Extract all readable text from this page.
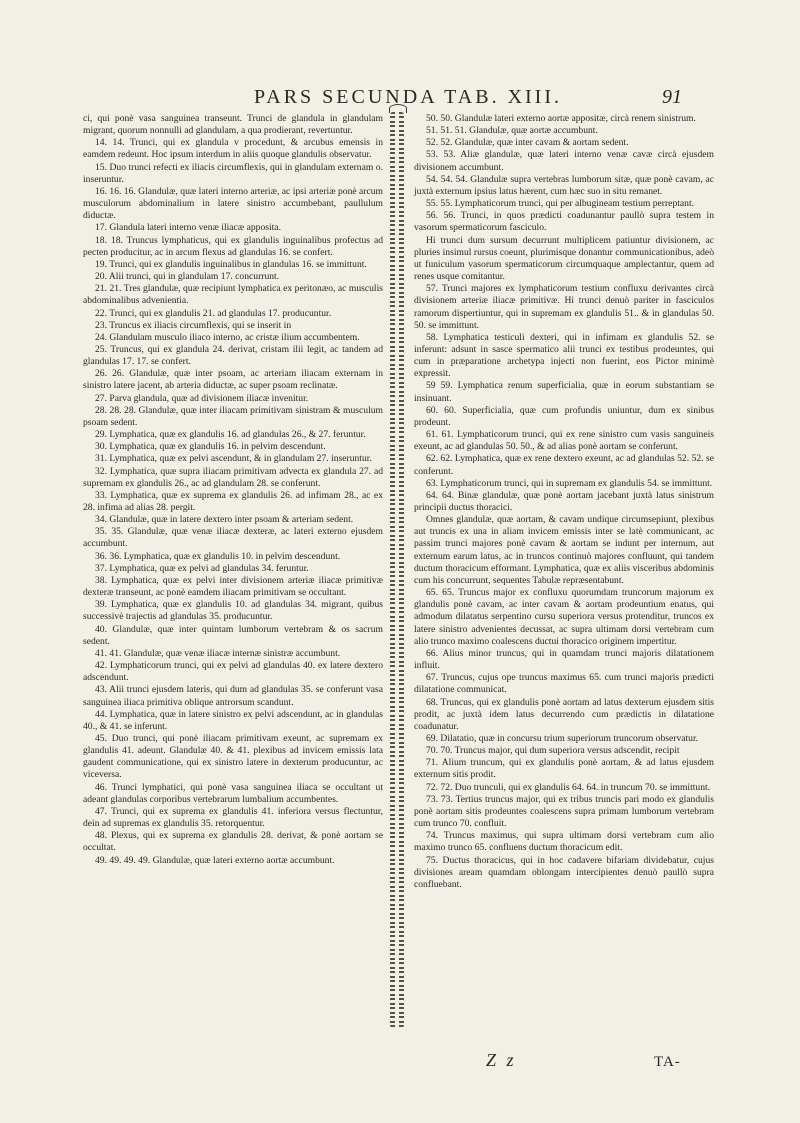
PARS SECUNDA TAB. XIII.	91

ci, qui ponè vasa sanguinea transeunt. Trunci de glandula in glandulam migrant, quorum nonnulli ad glandulam, a qua prodierant, revertuntur.

14. 14. Trunci, qui ex glandula v procedunt, & arcubus emensis in eamdem redeunt. Hoc ipsum interdum in aliis quoque glandulis observatur.

15. Duo trunci refecti ex iliacis circumflexis, qui in glandulam externam o. inseruntur.

16. 16. 16. Glandulæ, quæ lateri interno arteriæ, ac ipsi arteriæ ponè arcum musculorum abdominalium in latere sinistro accumbebant, paullulum diductæ.

17. Glandula lateri interno venæ iliacæ apposita.

18. 18. Truncus lymphaticus, qui ex glandulis inguinalibus profectus ad pecten producitur, ac in arcum flexus ad glandulas 16. se confert.

19. Trunci, qui ex glandulis inguinalibus in glandulas 16. se immittunt.

20. Alii trunci, qui in glandulam 17. concurrunt.

21. 21. Tres glandulæ, quæ recipiunt lymphatica ex peritonæo, ac musculis abdominalibus advenientia.

22. Trunci, qui ex glandulis 21. ad glandulas 17. producuntur.

23. Truncus ex iliacis circumflexis, qui se inserit in

24. Glandulam musculo iliaco interno, ac cristæ ilium accumbentem.

25. Truncus, qui ex glandula 24. derivat, cristam ilii legit, ac tandem ad glandulas 17. 17. se confert.

26. 26. Glandulæ, quæ inter psoam, ac arteriam iliacam externam in sinistro latere jacent, ab arteria diductæ, ac super psoam reclinatæ.

27. Parva glandula, quæ ad divisionem iliacæ invenitur.

28. 28. 28. Glandulæ, quæ inter iliacam primitivam sinistram & musculum psoam sedent.

29. Lymphatica, quæ ex glandulis 16. ad glandulas 26., & 27. feruntur.

30. Lymphatica, quæ ex glandulis 16. in pelvim descendunt.

31. Lymphatica, quæ ex pelvi ascendunt, & in glandulam 27. inseruntur.

32. Lymphatica, quæ supra iliacam primitivam advecta ex glandula 27. ad supremam ex glandulis 26., ac ad glandulam 28. se conferunt.

33. Lymphatica, quæ ex suprema ex glandulis 26. ad infimam 28., ac ex 28. infima ad alias 28. pergit.

34. Glandulæ, quæ in latere dextero inter psoam & arteriam sedent.

35. 35. Glandulæ, quæ venæ iliacæ dexteræ, ac lateri externo ejusdem accumbunt.

36. 36. Lymphatica, quæ ex glandulis 10. in pelvim descendunt.

37. Lymphatica, quæ ex pelvi ad glandulas 34. feruntur.

38. Lymphatica, quæ ex pelvi inter divisionem arteriæ iliacæ primitivæ dexteræ transeunt, ac ponè eamdem iliacam primitivam se occultant.

39. Lymphatica, quæ ex glandulis 10. ad glandulas 34. migrant, quibus successivè trajectis ad glandulas 35. producuntur.

40. Glandulæ, quæ inter quintam lumborum vertebram & os sacrum sedent.

41. 41. Glandulæ, quæ venæ iliacæ internæ sinistræ accumbunt.

42. Lymphaticorum trunci, qui ex pelvi ad glandulas 40. ex latere dextero adscendunt.

43. Alii trunci ejusdem lateris, qui dum ad glandulas 35. se conferunt vasa sanguinea iliaca primitiva oblique antrorsum scandunt.

44. Lymphatica, quæ in latere sinistro ex pelvi adscendunt, ac in glandulas 40., & 41. se inferunt.

45. Duo trunci, qui ponè iliacam primitivam exeunt, ac supremam ex glandulis 41. adeunt. Glandulæ 40. & 41. plexibus ad invicem emissis lata gaudent communicatione, qui ex sinistro latere in dexterum producuntur, ac viceversa.

46. Trunci lymphatici, qui ponè vasa sanguinea iliaca se occultant ut adeant glandulas corporibus vertebrarum lumbalium accumbentes.

47. Trunci, qui ex suprema ex glandulis 41. inferiora versus flectuntur, dein ad supremas ex glandulis 35. retorquentur.

48. Plexus, qui ex suprema ex glandulis 28. derivat, & ponè aortam se occultat.

49. 49. 49. 49. Glandulæ, quæ lateri externo aortæ accumbunt.

50. 50. Glandulæ lateri externo aortæ appositæ, circà renem sinistrum.

51. 51. 51. Glandulæ, quæ aortæ accumbunt.

52. 52. Glandulæ, quæ inter cavam & aortam sedent.

53. 53. Aliæ glandulæ, quæ lateri interno venæ cavæ circà ejusdem divisionem accumbunt.

54. 54. 54. Glandulæ supra vertebras lumborum sitæ, quæ ponè cavam, ac juxtà externum ipsius latus hærent, cum hæc suo in situ remanet.

55. 55. Lymphaticorum trunci, qui per albugineam testium perreptant.

56. 56. Trunci, in quos prædicti coadunantur paullò supra testem in vasorum spermaticorum fasciculo.

Hi trunci dum sursum decurrunt multiplicem patiuntur divisionem, ac pluries insimul rursus coeunt, plurimisque donantur communicationibus, adeò ut funiculum vasorum spermaticorum circumquaque amplectantur, quem ad renes usque comitantur.

57. Trunci majores ex lymphaticorum testium confluxu derivantes circà divisionem arteriæ iliacæ primitivæ. Hi trunci denuò pariter in fasciculos ramorum dispertiuntur, qui in supremam ex glandulis 51.. & in glandulas 50. 50. se immittunt.

58. Lymphatica testiculi dexteri, qui in infimam ex glandulis 52. se inferunt: adsunt in sasce spermatico alii trunci ex testibus prodeuntes, qui cum in præparatione archetypa injecti non fuerint, eos Pictor minimè expressit.

59 59. Lymphatica renum superficialia, quæ in eorum substantiam se insinuant.

60. 60. Superficialia, quæ cum profundis uniuntur, dum ex sinibus prodeunt.

61. 61. Lymphaticorum trunci, qui ex rene sinistro cum vasis sanguineis exeunt, ac ad glandulas 50. 50., & ad alias ponè aortam se conferunt.

62. 62. Lymphatica, quæ ex rene dextero exeunt, ac ad glandulas 52. 52. se conferunt.

63. Lymphaticorum trunci, qui in supremam ex glandulis 54. se immittunt.

64. 64. Binæ glandulæ, quæ ponè aortam jacebant juxtà latus sinistrum principii ductus thoracici.

Omnes glandulæ, quæ aortam, & cavam undique circumsepiunt, plexibus aut truncis ex una in aliam invicem emissis inter se latè communicant, ac passim trunci majores ponè cavam & aortam se indunt per internum, aut externum earum latus, ac in truncos continuò majores confluunt, qui tandem ductum thoracicum efformant. Lymphatica, quæ ex aliis visceribus abdominis cum his concurrunt, sequentes Tabulæ repræsentabunt.

65. 65. Truncus major ex confluxu quorumdam truncorum majorum ex glandulis ponè cavam, ac inter cavam & aortam prodeuntium enatus, qui admodum dilatatus serpentino cursu superiora versus protenditur, truncos ex latere sinistro advenientes decussat, ac supra ultimam dorsi vertebram cum alio trunco maximo coalescens ductui thoracico originem impertitur.

66. Alius minor truncus, qui in quamdam trunci majoris dilatationem influit.

67. Truncus, cujus ope truncus maximus 65. cum trunci majoris prædicti dilatatione communicat.

68. Truncus, qui ex glandulis ponè aortam ad latus dexterum ejusdem sitis prodit, ac juxtà idem latus decurrendo cum prædictis in dilatatione coadunatur.

69. Dilatatio, quæ in concursu trium superiorum truncorum observatur.

70. 70. Truncus major, qui dum superiora versus adscendit, recipit

71. Alium truncum, qui ex glandulis ponè aortam, & ad latus ejusdem externum sitis prodit.

72. 72. Duo trunculi, qui ex glandulis 64. 64. in truncum 70. se immittunt.

73. 73. Tertius truncus major, qui ex tribus truncis pari modo ex glandulis ponè aortam sitis prodeuntes coalescens supra primam lumborum vertebram cum trunco 70. confluit.

74. Truncus maximus, qui supra ultimam dorsi vertebram cum alio maximo trunco 65. confluens ductum thoracicum edit.

75. Ductus thoracicus, qui in hoc cadavere bifariam dividebatur, cujus divisiones aream quamdam oblongam intercipientes denuò paullò supra confluebant.

Z z	TA-
